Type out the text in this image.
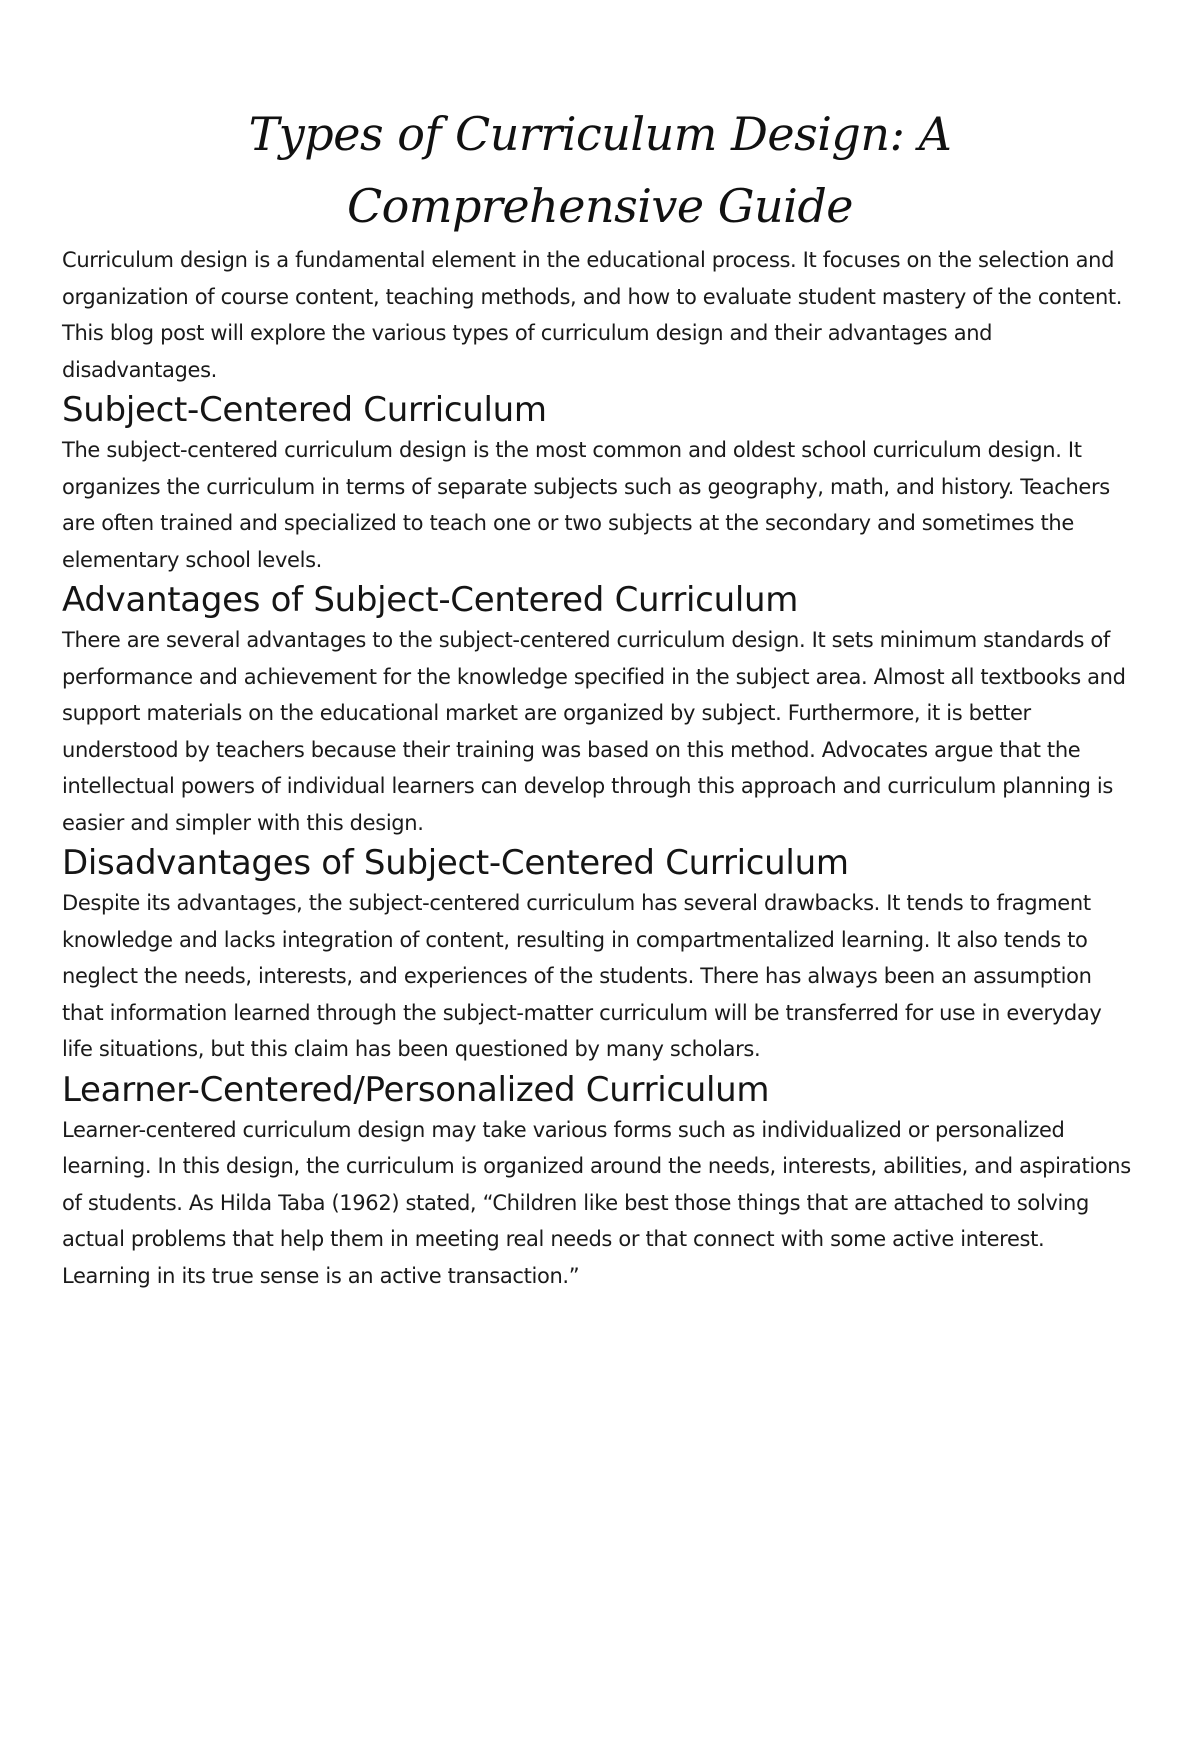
Types of Curriculum Design: A Comprehensive Guide

Curriculum design is a fundamental element in the educational process. It focuses on the selection and organization of course content, teaching methods, and how to evaluate student mastery of the content. This blog post will explore the various types of curriculum design and their advantages and disadvantages.

Subject-Centered Curriculum

The subject-centered curriculum design is the most common and oldest school curriculum design. It organizes the curriculum in terms of separate subjects such as geography, math, and history. Teachers are often trained and specialized to teach one or two subjects at the secondary and sometimes the elementary school levels.

Advantages of Subject-Centered Curriculum

There are several advantages to the subject-centered curriculum design. It sets minimum standards of performance and achievement for the knowledge specified in the subject area. Almost all textbooks and support materials on the educational market are organized by subject. Furthermore, it is better understood by teachers because their training was based on this method. Advocates argue that the intellectual powers of individual learners can develop through this approach and curriculum planning is easier and simpler with this design.

Disadvantages of Subject-Centered Curriculum

Despite its advantages, the subject-centered curriculum has several drawbacks. It tends to fragment knowledge and lacks integration of content, resulting in compartmentalized learning. It also tends to neglect the needs, interests, and experiences of the students. There has always been an assumption that information learned through the subject-matter curriculum will be transferred for use in everyday life situations, but this claim has been questioned by many scholars.

Learner-Centered/Personalized Curriculum

Learner-centered curriculum design may take various forms such as individualized or personalized learning. In this design, the curriculum is organized around the needs, interests, abilities, and aspirations of students. As Hilda Taba (1962) stated, “Children like best those things that are attached to solving actual problems that help them in meeting real needs or that connect with some active interest. Learning in its true sense is an active transaction.”
